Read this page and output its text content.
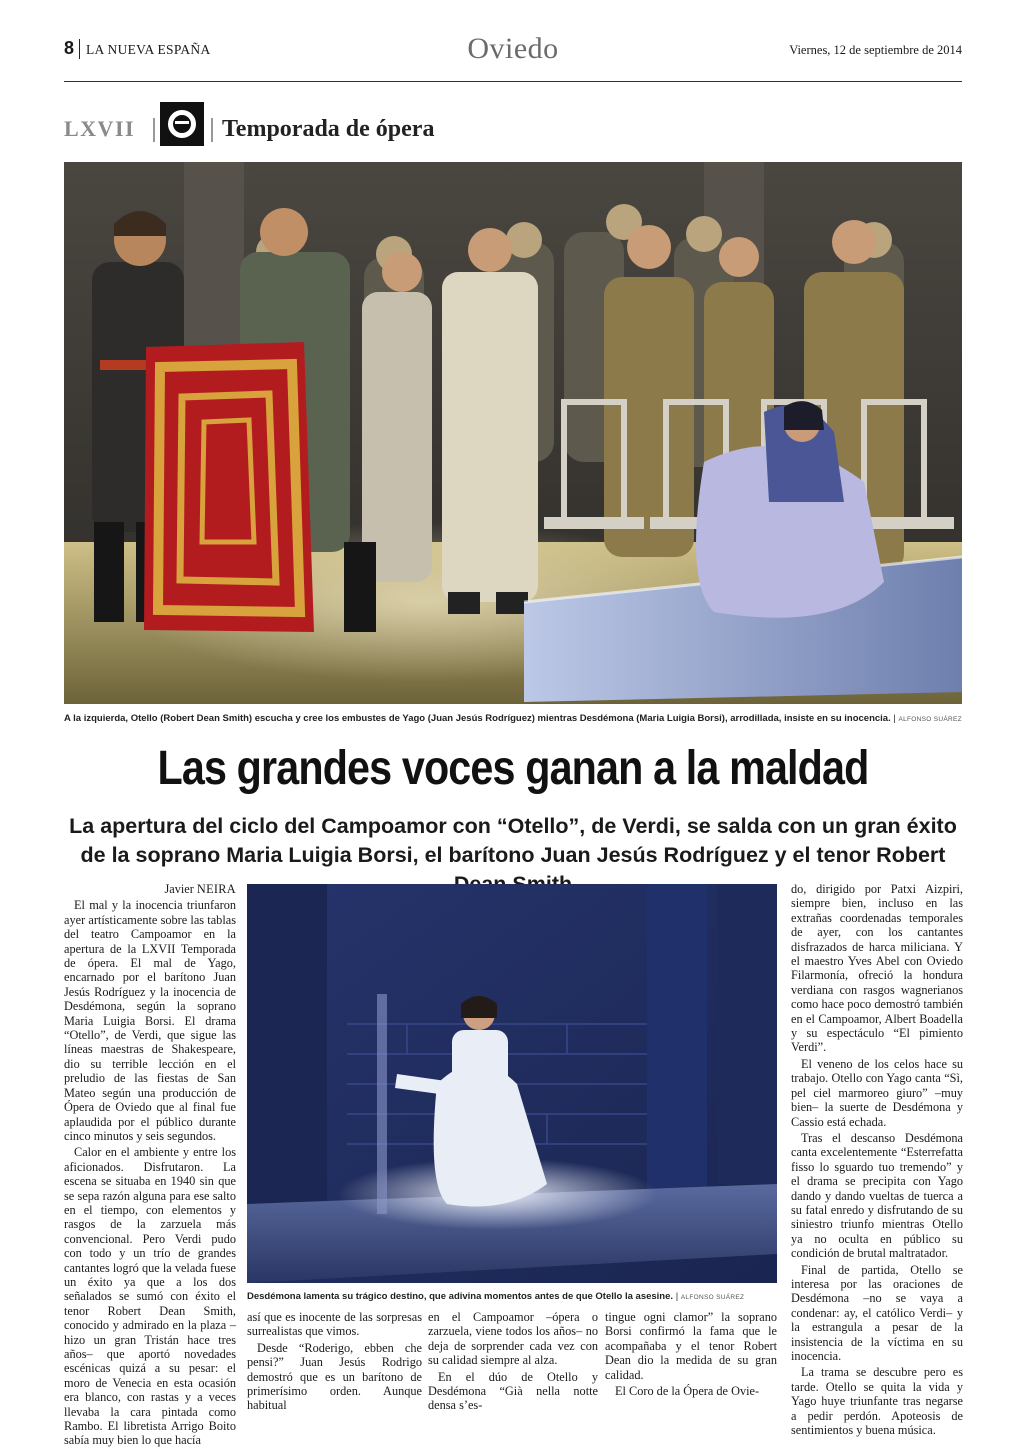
8 LA NUEVA ESPAÑA	Oviedo	Viernes, 12 de septiembre de 2014
LXVII	Temporada de ópera
A la izquierda, Otello (Robert Dean Smith) escucha y cree los embustes de Yago (Juan Jesús Rodríguez) mientras Desdémona (Maria Luigia Borsi), arrodillada, insiste en su inocencia. | ALFONSO SUÁREZ
Las grandes voces ganan a la maldad
La apertura del ciclo del Campoamor con “Otello”, de Verdi, se salda con un gran éxito de la soprano Maria Luigia Borsi, el barítono Juan Jesús Rodríguez y el tenor Robert
Javier NEIRA

El mal y la inocencia triunfaron ayer artísticamente sobre las tablas del teatro Campoamor en la apertura de la LXVII Temporada de ópera. El mal de Yago, encarnado por el barítono Juan Jesús Rodríguez y la inocencia de Desdémona, según la soprano Maria Luigia Borsi. El drama “Otello”, de Verdi, que sigue las líneas maestras de Shakespeare, dio su terrible lección en el preludio de las fiestas de San Mateo según una producción de Ópera de Oviedo que al final fue aplaudida por el público durante cinco minutos y seis segundos.

Calor en el ambiente y entre los aficionados. Disfrutaron. La escena se situaba en 1940 sin que se sepa razón alguna para ese salto en el tiempo, con elementos y rasgos de la zarzuela más convencional. Pero Verdi pudo con todo y un trío de grandes cantantes logró que la velada fuese un éxito ya que a los dos señalados se sumó con éxito el tenor Robert Dean Smith, conocido y admirado en la plaza –hizo un gran Tristán hace tres años– que aportó novedades escénicas quizá a su pesar: el moro de Venecia en esta ocasión era blanco, con rastas y a veces llevaba la cara pintada como Rambo. El libretista Arrigo Boito sabía muy bien lo que hacía

Desdémona lamenta su trágico destino, que adivina momentos antes de que Otello la asesine. | ALFONSO SUÁREZ

así que es inocente de las sorpresas surrealistas que vimos.

Desde “Roderigo, ebben che pensi?” Juan Jesús Rodrigo demostró que es un barítono de primerísimo orden. Aunque habitual

en el Campoamor –ópera o zarzuela, viene todos los años– no deja de sorprender cada vez con su calidad siempre al alza.

En el dúo de Otello y Desdémona “Già nella notte densa s’es-

tingue ogni clamor” la soprano Borsi confirmó la fama que le acompañaba y el tenor Robert Dean dio la medida de su gran calidad.

El Coro de la Ópera de Ovie-

do, dirigido por Patxi Aizpiri, siempre bien, incluso en las extrañas coordenadas temporales de ayer, con los cantantes disfrazados de harca miliciana. Y el maestro Yves Abel con Oviedo Filarmonía, ofreció la hondura verdiana con rasgos wagnerianos como hace poco demostró también en el Campoamor, Albert Boadella y su espectáculo “El pimiento Verdi”.

El veneno de los celos hace su trabajo. Otello con Yago canta “Sì, pel ciel marmoreo giuro” –muy bien– la suerte de Desdémona y Cassio está echada.

Tras el descanso Desdémona canta excelentemente “Esterrefatta fisso lo sguardo tuo tremendo” y el drama se precipita con Yago dando y dando vueltas de tuerca a su fatal enredo y disfrutando de su siniestro triunfo mientras Otello ya no oculta en público su condición de brutal maltratador.

Final de partida, Otello se interesa por las oraciones de Desdémona –no se vaya a condenar: ay, el católico Verdi– y la estrangula a pesar de la insistencia de la víctima en su inocencia.

La trama se descubre pero es tarde. Otello se quita la vida y Yago huye triunfante tras negarse a pedir perdón. Apoteosis de sentimientos y buena música.
